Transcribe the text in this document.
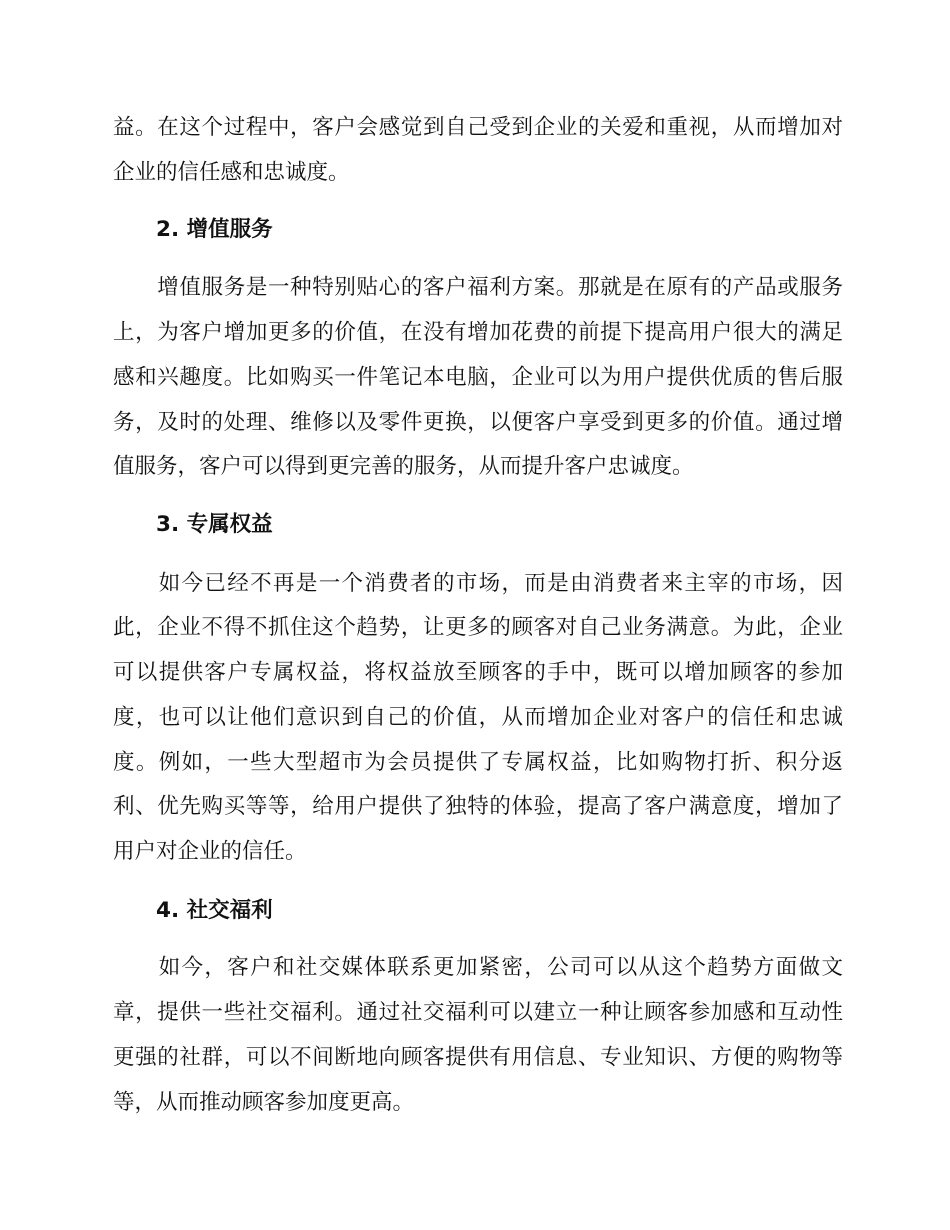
益。在这个过程中，客户会感觉到自己受到企业的关爱和重视，从而增加对
企业的信任感和忠诚度。
2. 增值服务
　　增值服务是一种特别贴心的客户福利方案。那就是在原有的产品或服务
上，为客户增加更多的价值，在没有增加花费的前提下提高用户很大的满足
感和兴趣度。比如购买一件笔记本电脑，企业可以为用户提供优质的售后服
务，及时的处理、维修以及零件更换，以便客户享受到更多的价值。通过增
值服务，客户可以得到更完善的服务，从而提升客户忠诚度。
3. 专属权益
　　如今已经不再是一个消费者的市场，而是由消费者来主宰的市场，因
此，企业不得不抓住这个趋势，让更多的顾客对自己业务满意。为此，企业
可以提供客户专属权益，将权益放至顾客的手中，既可以增加顾客的参加
度，也可以让他们意识到自己的价值，从而增加企业对客户的信任和忠诚
度。例如，一些大型超市为会员提供了专属权益，比如购物打折、积分返
利、优先购买等等，给用户提供了独特的体验，提高了客户满意度，增加了
用户对企业的信任。
4. 社交福利
　　如今，客户和社交媒体联系更加紧密，公司可以从这个趋势方面做文
章，提供一些社交福利。通过社交福利可以建立一种让顾客参加感和互动性
更强的社群，可以不间断地向顾客提供有用信息、专业知识、方便的购物等
等，从而推动顾客参加度更高。
